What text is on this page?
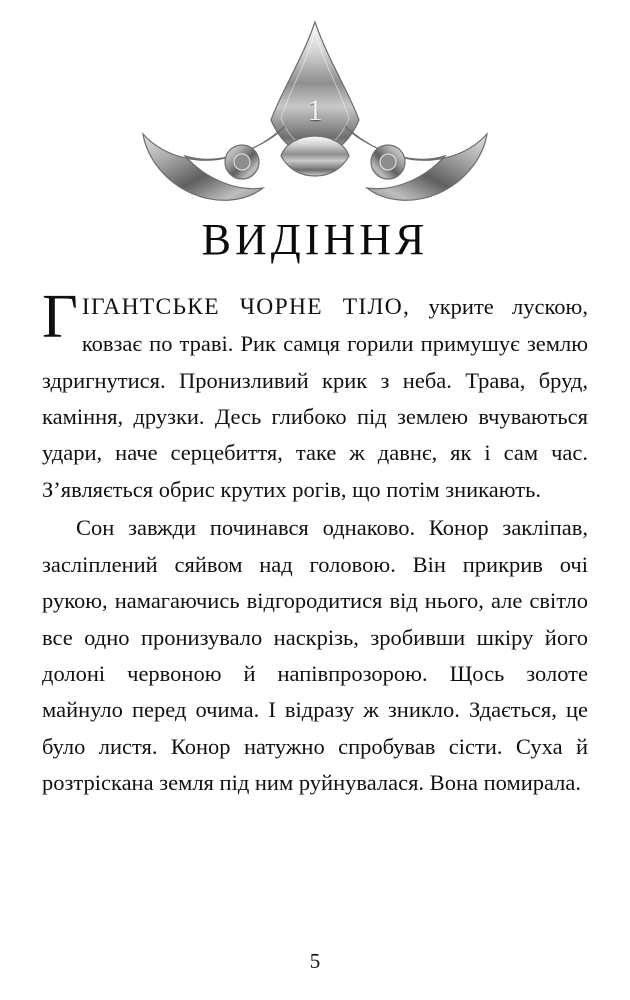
1
ВИДІННЯ

ГІГАНТСЬКЕ ЧОРНЕ ТІЛО, укрите лускою, ковзає по траві. Рик самця горили примушує землю здригнутися. Пронизливий крик з неба. Трава, бруд, каміння, друзки. Десь глибоко під землею вчуваються удари, наче серцебиття, таке ж давнє, як і сам час. З’являється обрис крутих рогів, що потім зникають.

Сон завжди починався однаково. Конор закліпав, засліплений сяйвом над головою. Він прикрив очі рукою, намагаючись відгородитися від нього, але світло все одно пронизувало наскрізь, зробивши шкіру його долоні червоною й напівпрозорою. Щось золоте майнуло перед очима. І відразу ж зникло. Здається, це було листя. Конор натужно спробував сісти. Суха й розтріскана земля під ним руйнувалася. Вона помирала.

5
